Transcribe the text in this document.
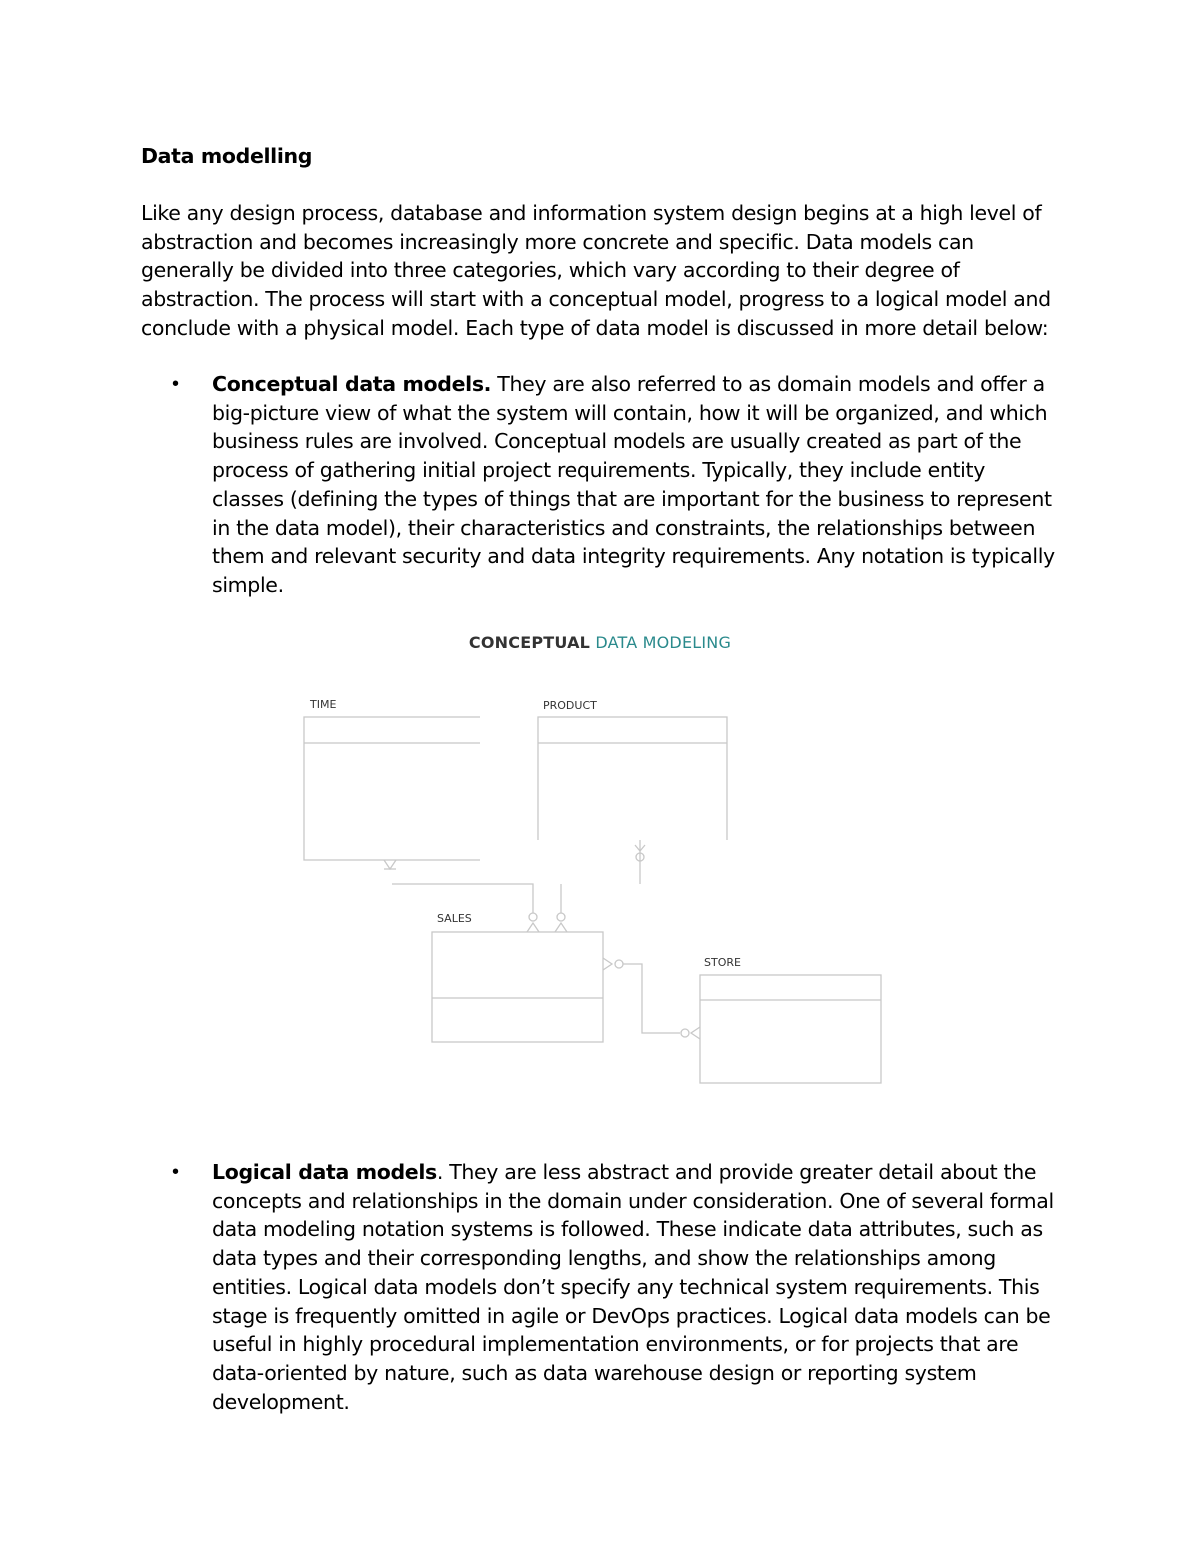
Data modelling
Like any design process, database and information system design begins at a high level of abstraction and becomes increasingly more concrete and specific. Data models can generally be divided into three categories, which vary according to their degree of abstraction. The process will start with a conceptual model, progress to a logical model and conclude with a physical model. Each type of data model is discussed in more detail below:
•	Conceptual data models. They are also referred to as domain models and offer a big-picture view of what the system will contain, how it will be organized, and which business rules are involved. Conceptual models are usually created as part of the process of gathering initial project requirements. Typically, they include entity classes (defining the types of things that are important for the business to represent in the data model), their characteristics and constraints, the relationships between them and relevant security and data integrity requirements. Any notation is typically simple.
CONCEPTUAL DATA MODELING
TIME	PRODUCT
SALES
STORE
•	Logical data models. They are less abstract and provide greater detail about the concepts and relationships in the domain under consideration. One of several formal data modeling notation systems is followed. These indicate data attributes, such as data types and their corresponding lengths, and show the relationships among entities. Logical data models don’t specify any technical system requirements. This stage is frequently omitted in agile or DevOps practices. Logical data models can be useful in highly procedural implementation environments, or for projects that are data-oriented by nature, such as data warehouse design or reporting system development.
